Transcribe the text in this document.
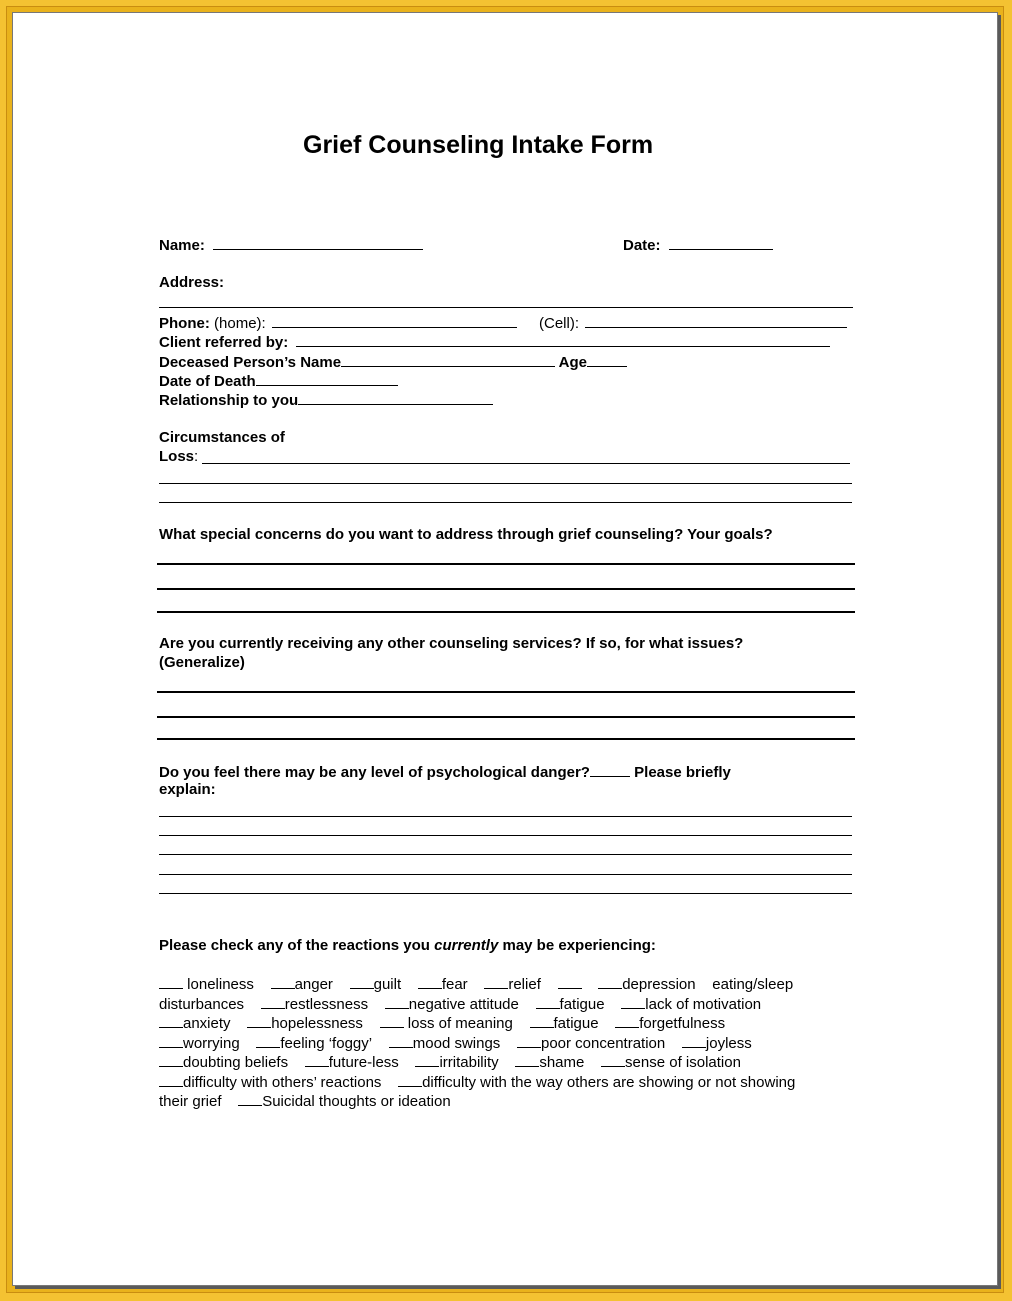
Grief Counseling Intake Form
Name:	Date:
Address:
Phone: (home):	(Cell):
Client referred by:
Deceased Person’s Name	Age
Date of Death
Relationship to you
Circumstances of
Loss:
What special concerns do you want to address through grief counseling? Your goals?
Are you currently receiving any other counseling services? If so, for what issues?
(Generalize)
Do you feel there may be any level of psychological danger?	Please briefly
explain:
Please check any of the reactions you currently may be experiencing:
loneliness	anger	guilt	fear	relief	depression eating/sleep
disturbances	restlessness	negative attitude	fatigue	lack of motivation
anxiety	hopelessness	loss of meaning	fatigue	forgetfulness
worrying	feeling ‘foggy’	mood swings	poor concentration	joyless
doubting beliefs	future-less	irritability	shame	sense of isolation
difficulty with others’ reactions	difficulty with the way others are showing or not showing
their grief	Suicidal thoughts or ideation
